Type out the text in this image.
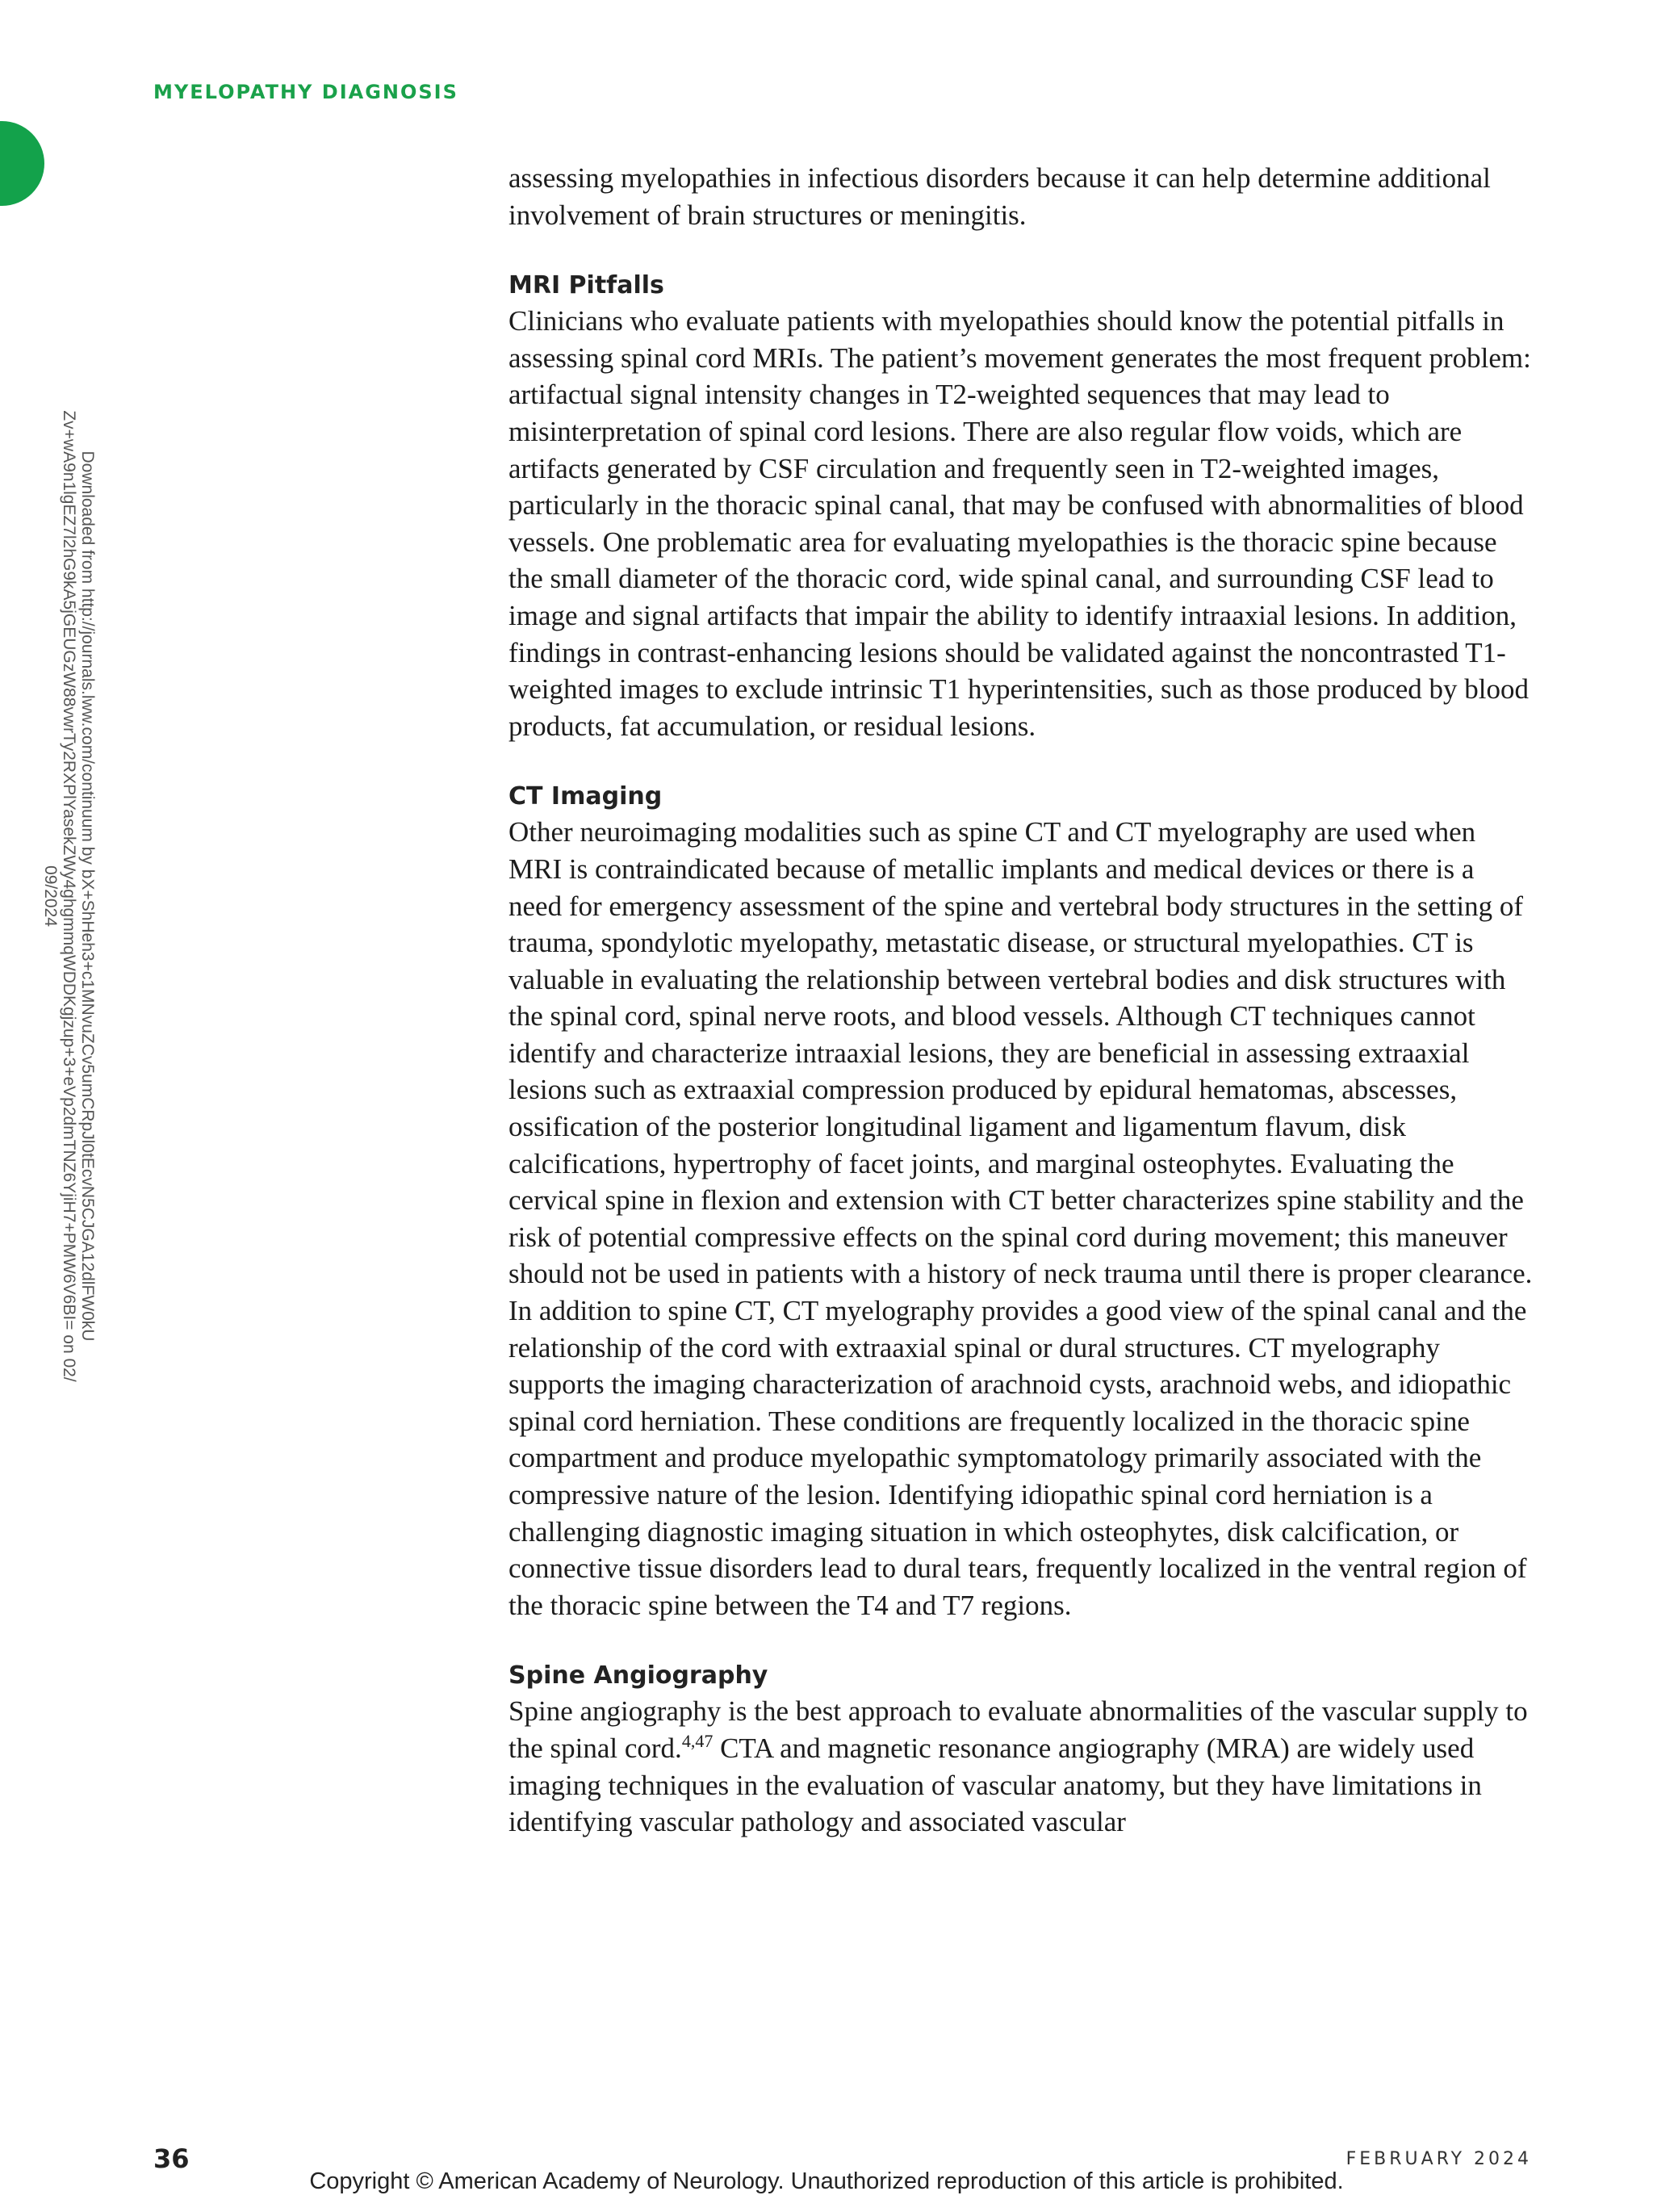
MYELOPATHY DIAGNOSIS
Downloaded from http://journals.lww.com/continuum by bX+ShHeh3+c1MNvuZCv5umCRpJl0tEcvN5CJGA12dlFW0kU
Zv+wA9n1lgEZ7l2hG9kA5jGEUGzW88vwrTy2RXPlYasekZWy4ghgmmqWDDKgjzup+3+eVp2dmTNZ6YjiH7+PMW6V6BI= on 02/
09/2024

assessing myelopathies in infectious disorders because it can help determine additional involvement of brain structures or meningitis.

MRI Pitfalls

Clinicians who evaluate patients with myelopathies should know the potential pitfalls in assessing spinal cord MRIs. The patient’s movement generates the most frequent problem: artifactual signal intensity changes in T2-weighted sequences that may lead to misinterpretation of spinal cord lesions. There are also regular flow voids, which are artifacts generated by CSF circulation and frequently seen in T2-weighted images, particularly in the thoracic spinal canal, that may be confused with abnormalities of blood vessels. One problematic area for evaluating myelopathies is the thoracic spine because the small diameter of the thoracic cord, wide spinal canal, and surrounding CSF lead to image and signal artifacts that impair the ability to identify intraaxial lesions. In addition, findings in contrast-enhancing lesions should be validated against the noncontrasted T1-weighted images to exclude intrinsic T1 hyperintensities, such as those produced by blood products, fat accumulation, or residual lesions.

CT Imaging

Other neuroimaging modalities such as spine CT and CT myelography are used when MRI is contraindicated because of metallic implants and medical devices or there is a need for emergency assessment of the spine and vertebral body structures in the setting of trauma, spondylotic myelopathy, metastatic disease, or structural myelopathies. CT is valuable in evaluating the relationship between vertebral bodies and disk structures with the spinal cord, spinal nerve roots, and blood vessels. Although CT techniques cannot identify and characterize intraaxial lesions, they are beneficial in assessing extraaxial lesions such as extraaxial compression produced by epidural hematomas, abscesses, ossification of the posterior longitudinal ligament and ligamentum flavum, disk calcifications, hypertrophy of facet joints, and marginal osteophytes. Evaluating the cervical spine in flexion and extension with CT better characterizes spine stability and the risk of potential compressive effects on the spinal cord during movement; this maneuver should not be used in patients with a history of neck trauma until there is proper clearance. In addition to spine CT, CT myelography provides a good view of the spinal canal and the relationship of the cord with extraaxial spinal or dural structures. CT myelography supports the imaging characterization of arachnoid cysts, arachnoid webs, and idiopathic spinal cord herniation. These conditions are frequently localized in the thoracic spine compartment and produce myelopathic symptomatology primarily associated with the compressive nature of the lesion. Identifying idiopathic spinal cord herniation is a challenging diagnostic imaging situation in which osteophytes, disk calcification, or connective tissue disorders lead to dural tears, frequently localized in the ventral region of the thoracic spine between the T4 and T7 regions.

Spine Angiography

Spine angiography is the best approach to evaluate abnormalities of the vascular supply to the spinal cord.$^{4,47}$ CTA and magnetic resonance angiography (MRA) are widely used imaging techniques in the evaluation of vascular anatomy, but they have limitations in identifying vascular pathology and associated vascular

36	FEBRUARY 2024
Copyright © American Academy of Neurology. Unauthorized reproduction of this article is prohibited.
